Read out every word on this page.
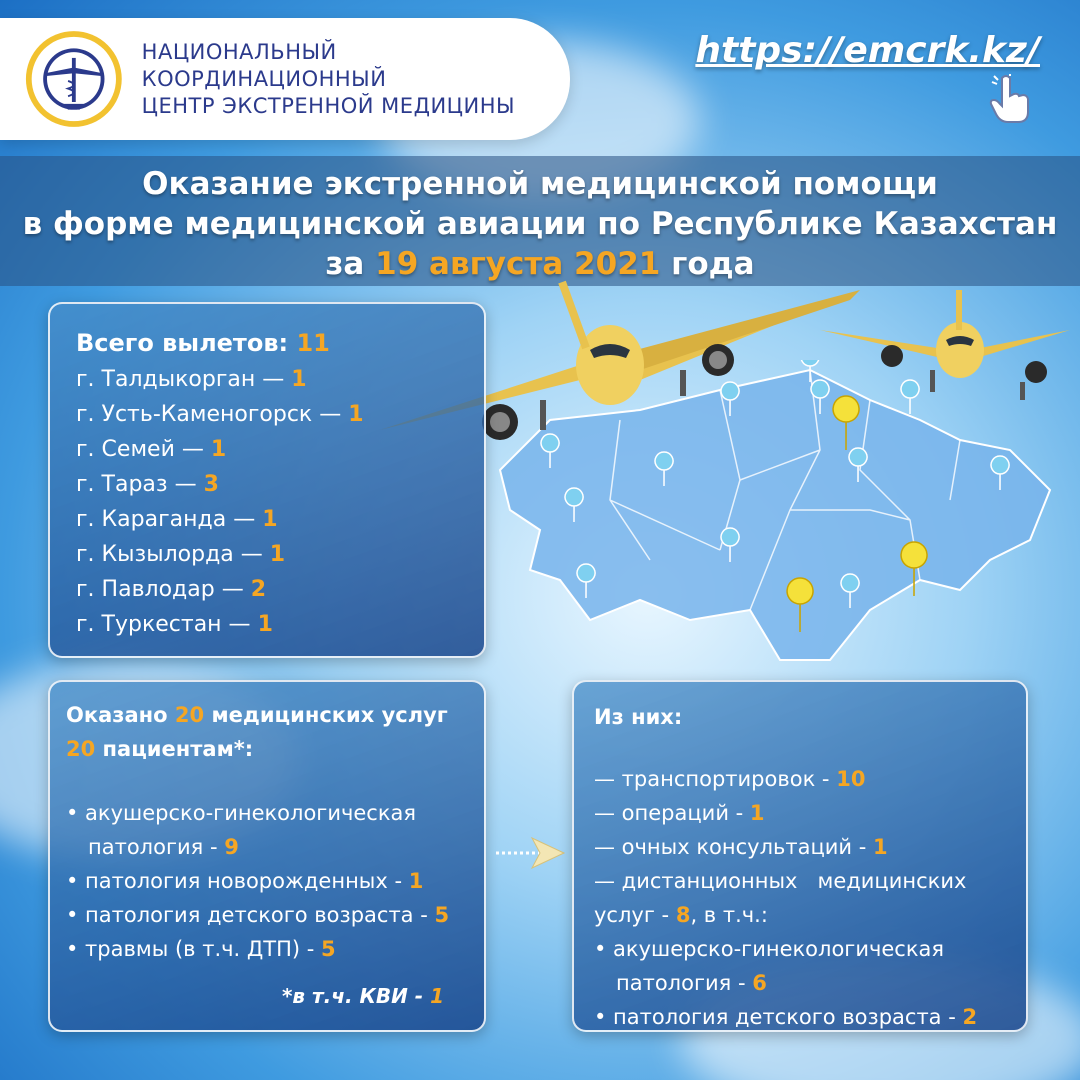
НАЦИОНАЛЬНЫЙ КООРДИНАЦИОННЫЙ
ЦЕНТР ЭКСТРЕННОЙ МЕДИЦИНЫ
https://emcrk.kz/
Оказание экстренной медицинской помощи
в форме медицинской авиации по Республике Казахстан
за 19 августа 2021 года
Всего вылетов: 11
г. Талдыкорган — 1
г. Усть-Каменогорск — 1
г. Семей — 1
г. Тараз — 3
г. Караганда — 1
г. Кызылорда — 1
г. Павлодар — 2
г. Туркестан — 1
Оказано 20 медицинских услуг
20 пациентам*:
• акушерско-гинекологическая
патология - 9
• патология новорожденных - 1
• патология детского возраста - 5
• травмы (в т.ч. ДТП) - 5
*в т.ч. КВИ - 1
Из них:
— транспортировок - 10
— операций - 1
— очных консультаций - 1
— дистанционных   медицинских
услуг - 8, в т.ч.:
• акушерско-гинекологическая
патология - 6
• патология детского возраста - 2
